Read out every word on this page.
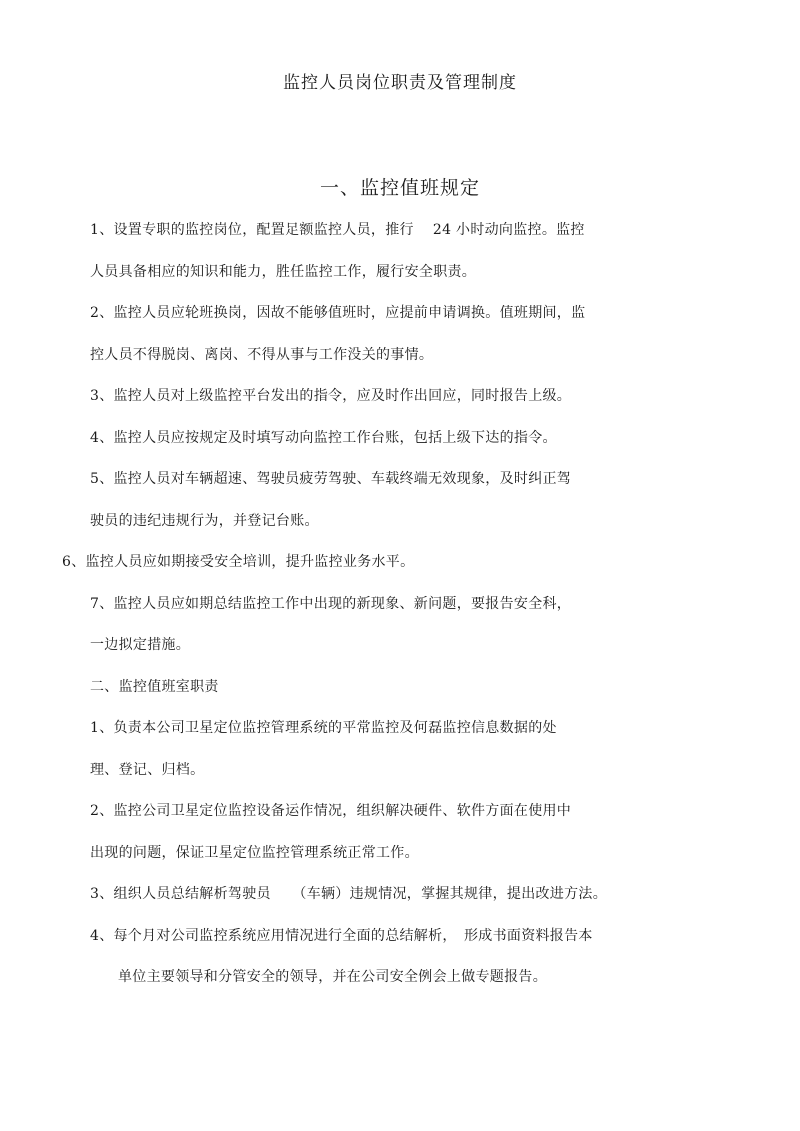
监控人员岗位职责及管理制度
一、监控值班规定
1、设置专职的监控岗位，配置足额监控人员，推行　 24 小时动向监控。监控
人员具备相应的知识和能力，胜任监控工作，履行安全职责。
2、监控人员应轮班换岗，因故不能够值班时，应提前申请调换。值班期间，监
控人员不得脱岗、离岗、不得从事与工作没关的事情。
3、监控人员对上级监控平台发出的指令，应及时作出回应，同时报告上级。
4、监控人员应按规定及时填写动向监控工作台账，包括上级下达的指令。
5、监控人员对车辆超速、驾驶员疲劳驾驶、车载终端无效现象，及时纠正驾
驶员的违纪违规行为，并登记台账。
6、监控人员应如期接受安全培训，提升监控业务水平。
7、监控人员应如期总结监控工作中出现的新现象、新问题，要报告安全科，
一边拟定措施。
二、监控值班室职责
1、负责本公司卫星定位监控管理系统的平常监控及何磊监控信息数据的处
理、登记、归档。
2、监控公司卫星定位监控设备运作情况，组织解决硬件、软件方面在使用中
出现的问题，保证卫星定位监控管理系统正常工作。
3、组织人员总结解析驾驶员　　（车辆）违规情况，掌握其规律，提出改进方法。
4、每个月对公司监控系统应用情况进行全面的总结解析，　形成书面资料报告本
单位主要领导和分管安全的领导，并在公司安全例会上做专题报告。
